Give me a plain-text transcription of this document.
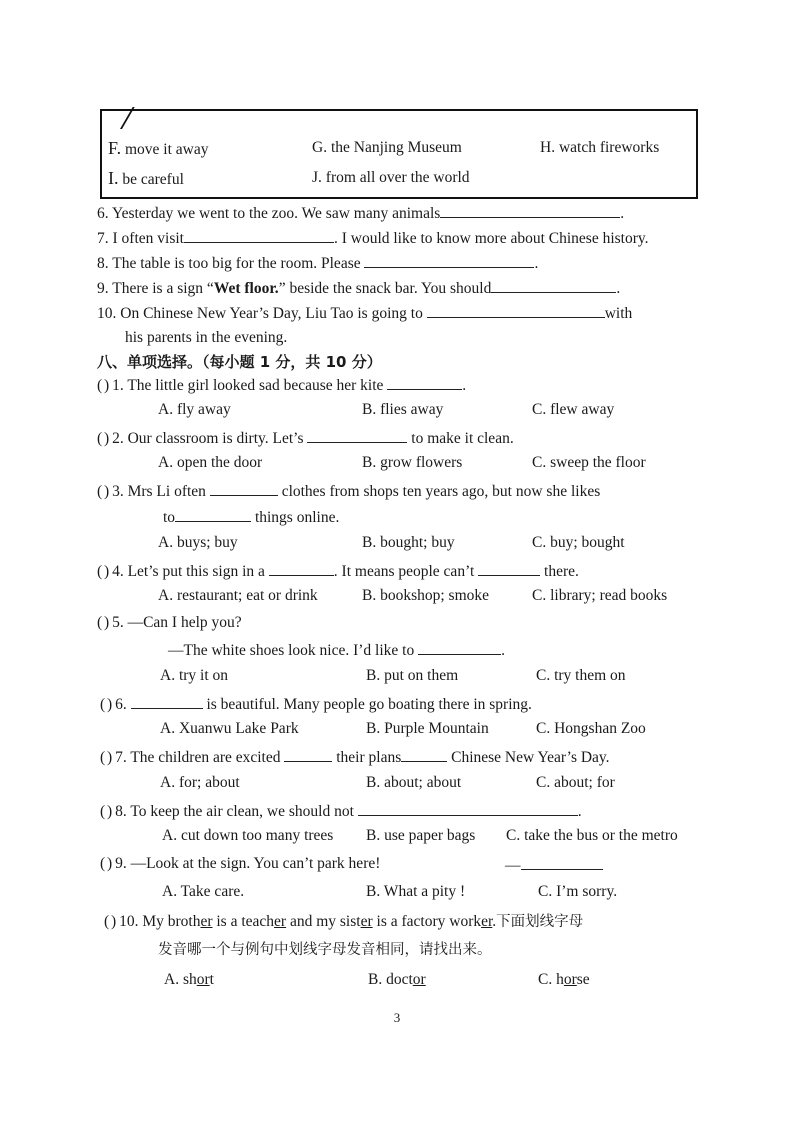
F. move it away	G. the Nanjing Museum	H. watch fireworks
I. be careful	J. from all over the world
6. Yesterday we went to the zoo. We saw many animals	.
7. I often visit	. I would like to know more about Chinese history.
8. The table is too big for the room. Please	.
9. There is a sign “Wet floor.” beside the snack bar. You should	.
10. On Chinese New Year’s Day, Liu Tao is going to	with
his parents in the evening.
八、单项选择。（每小题 1 分，共 10 分）
( ) 1. The little girl looked sad because her kite	.
A. fly away	B. flies away	C. flew away
( ) 2. Our classroom is dirty. Let’s	to make it clean.
A. open the door	B. grow flowers	C. sweep the floor
( ) 3. Mrs Li often	clothes from shops ten years ago, but now she likes
to	things online.
A. buys; buy	B. bought; buy	C. buy; bought
( ) 4. Let’s put this sign in a	. It means people can’t	there.
A. restaurant; eat or drink	B. bookshop; smoke	C. library; read books
( ) 5. —Can I help you?
—The white shoes look nice. I’d like to	.
A. try it on	B. put on them	C. try them on
( ) 6.	is beautiful. Many people go boating there in spring.
A. Xuanwu Lake Park	B. Purple Mountain	C. Hongshan Zoo
( ) 7. The children are excited	their plans	Chinese New Year’s Day.
A. for; about	B. about; about	C. about; for
( ) 8. To keep the air clean, we should not	.
A. cut down too many trees B. use paper bags C. take the bus or the metro
( ) 9. —Look at the sign. You can’t park here!	—
A. Take care.	B. What a pity !	C. I’m sorry.
( ) 10. My brother is a teacher and my sister is a factory worker.下面划线字母
发音哪一个与例句中划线字母发音相同，请找出来。
A. short	B. doctor	C. horse
3
